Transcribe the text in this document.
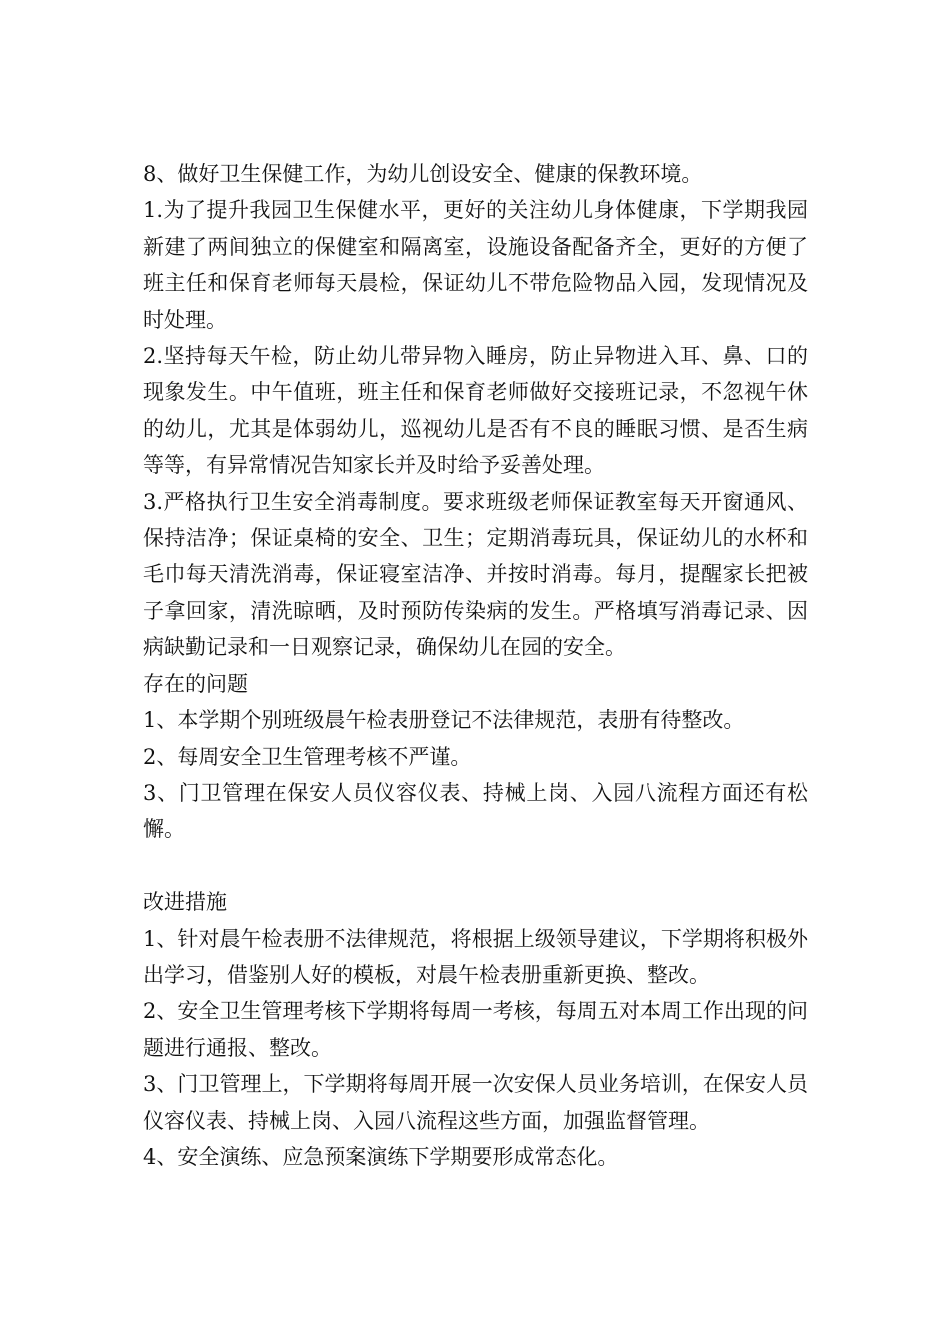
8、做好卫生保健工作，为幼儿创设安全、健康的保教环境。

1.为了提升我园卫生保健水平，更好的关注幼儿身体健康，下学期我园新建了两间独立的保健室和隔离室，设施设备配备齐全，更好的方便了班主任和保育老师每天晨检，保证幼儿不带危险物品入园，发现情况及时处理。

2.坚持每天午检，防止幼儿带异物入睡房，防止异物进入耳、鼻、口的现象发生。中午值班，班主任和保育老师做好交接班记录，不忽视午休的幼儿，尤其是体弱幼儿，巡视幼儿是否有不良的睡眠习惯、是否生病等等，有异常情况告知家长并及时给予妥善处理。

3.严格执行卫生安全消毒制度。要求班级老师保证教室每天开窗通风、保持洁净；保证桌椅的安全、卫生；定期消毒玩具，保证幼儿的水杯和毛巾每天清洗消毒，保证寝室洁净、并按时消毒。每月，提醒家长把被子拿回家，清洗晾晒，及时预防传染病的发生。严格填写消毒记录、因病缺勤记录和一日观察记录，确保幼儿在园的安全。

存在的问题

1、本学期个别班级晨午检表册登记不法律规范，表册有待整改。

2、每周安全卫生管理考核不严谨。

3、门卫管理在保安人员仪容仪表、持械上岗、入园八流程方面还有松懈。

改进措施

1、针对晨午检表册不法律规范，将根据上级领导建议，下学期将积极外出学习，借鉴别人好的模板，对晨午检表册重新更换、整改。

2、安全卫生管理考核下学期将每周一考核，每周五对本周工作出现的问题进行通报、整改。

3、门卫管理上，下学期将每周开展一次安保人员业务培训，在保安人员仪容仪表、持械上岗、入园八流程这些方面，加强监督管理。

4、安全演练、应急预案演练下学期要形成常态化。
